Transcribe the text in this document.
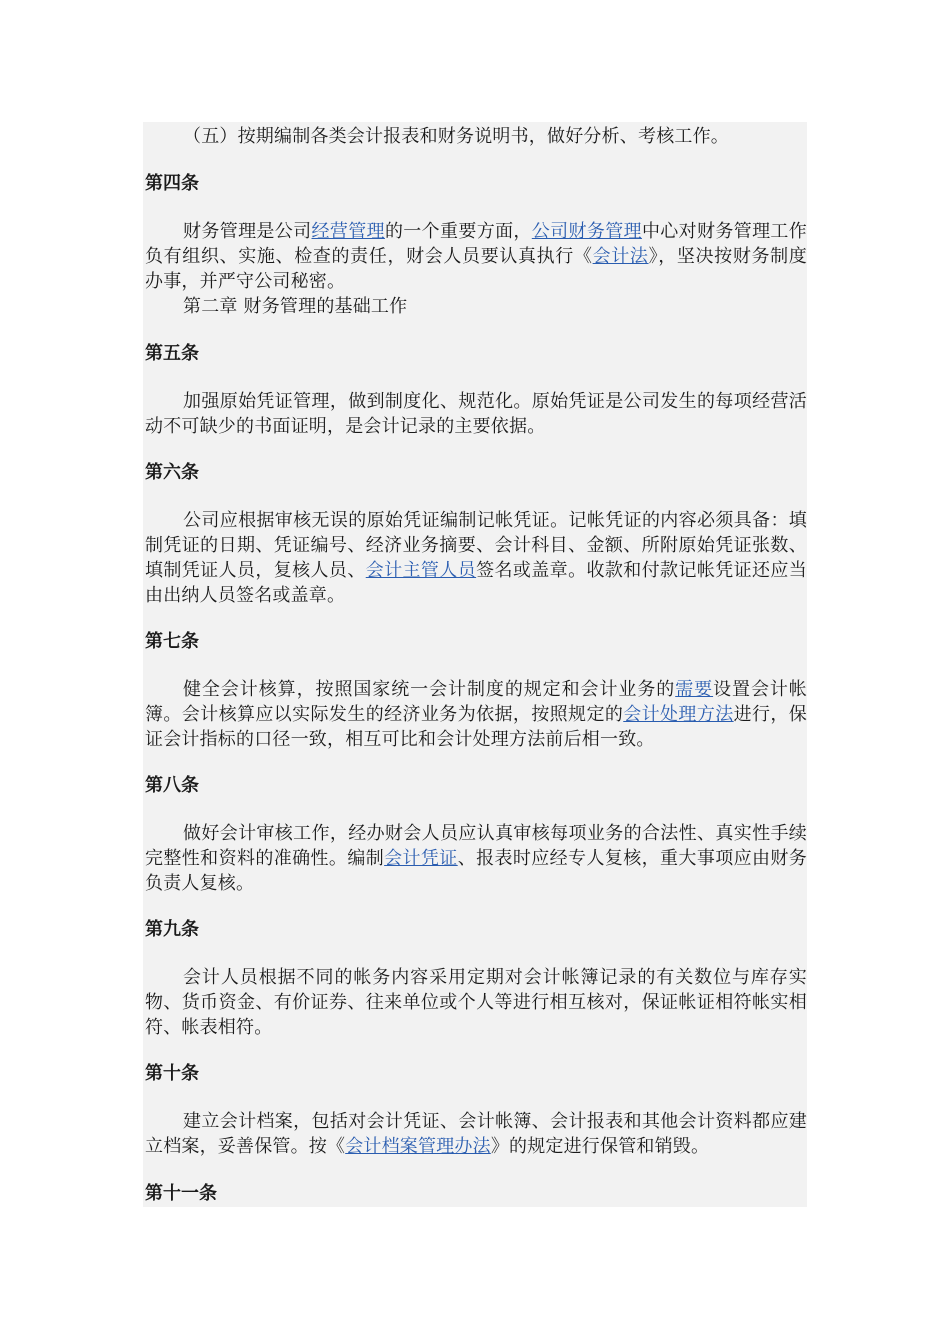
（五）按期编制各类会计报表和财务说明书，做好分析、考核工作。

第四条

财务管理是公司经营管理的一个重要方面，公司财务管理中心对财务管理工作负有组织、实施、检查的责任，财会人员要认真执行《会计法》，坚决按财务制度办事，并严守公司秘密。

第二章 财务管理的基础工作

第五条

加强原始凭证管理，做到制度化、规范化。原始凭证是公司发生的每项经营活动不可缺少的书面证明，是会计记录的主要依据。

第六条

公司应根据审核无误的原始凭证编制记帐凭证。记帐凭证的内容必须具备：填制凭证的日期、凭证编号、经济业务摘要、会计科目、金额、所附原始凭证张数、填制凭证人员，复核人员、会计主管人员签名或盖章。收款和付款记帐凭证还应当由出纳人员签名或盖章。

第七条

健全会计核算，按照国家统一会计制度的规定和会计业务的需要设置会计帐簿。会计核算应以实际发生的经济业务为依据，按照规定的会计处理方法进行，保证会计指标的口径一致，相互可比和会计处理方法前后相一致。

第八条

做好会计审核工作，经办财会人员应认真审核每项业务的合法性、真实性手续完整性和资料的准确性。编制会计凭证、报表时应经专人复核，重大事项应由财务负责人复核。

第九条

会计人员根据不同的帐务内容采用定期对会计帐簿记录的有关数位与库存实物、货币资金、有价证券、往来单位或个人等进行相互核对，保证帐证相符帐实相符、帐表相符。

第十条

建立会计档案，包括对会计凭证、会计帐簿、会计报表和其他会计资料都应建立档案，妥善保管。按《会计档案管理办法》的规定进行保管和销毁。

第十一条
